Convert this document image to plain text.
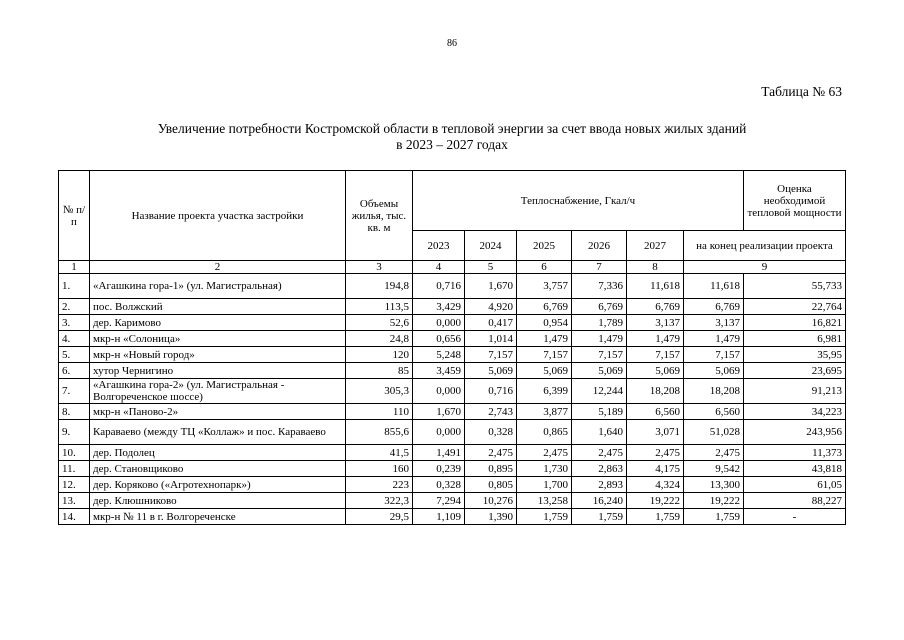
86
Таблица № 63
Увеличение потребности Костромской области в тепловой энергии за счет ввода новых жилых зданий
в 2023 – 2027 годах
№ п/п	Название проекта участка застройки	Объемы жилья, тыс. кв. м	Теплоснабжение, Гкал/ч						Оценка необходимой тепловой мощности
			2023	2024	2025	2026	2027	на конец реализации проекта	
1	2	3	4	5	6	7	8	9	
1.	«Агашкина гора-1» (ул. Магистральная)	194,8	0,716	1,670	3,757	7,336	11,618	11,618	55,733
2.	пос. Волжский	113,5	3,429	4,920	6,769	6,769	6,769	6,769	22,764
3.	дер. Каримово	52,6	0,000	0,417	0,954	1,789	3,137	3,137	16,821
4.	мкр-н «Солоница»	24,8	0,656	1,014	1,479	1,479	1,479	1,479	6,981
5.	мкр-н «Новый город»	120	5,248	7,157	7,157	7,157	7,157	7,157	35,95
6.	хутор Чернигино	85	3,459	5,069	5,069	5,069	5,069	5,069	23,695
7.	«Агашкина гора-2» (ул. Магистральная - Волгореченское шоссе)	305,3	0,000	0,716	6,399	12,244	18,208	18,208	91,213
8.	мкр-н «Паново-2»	110	1,670	2,743	3,877	5,189	6,560	6,560	34,223
9.	Караваево (между ТЦ «Коллаж» и пос. Караваево	855,6	0,000	0,328	0,865	1,640	3,071	51,028	243,956
10.	дер. Подолец	41,5	1,491	2,475	2,475	2,475	2,475	2,475	11,373
11.	дер. Становщиково	160	0,239	0,895	1,730	2,863	4,175	9,542	43,818
12.	дер. Коряково («Агротехнопарк»)	223	0,328	0,805	1,700	2,893	4,324	13,300	61,05
13.	дер. Клюшниково	322,3	7,294	10,276	13,258	16,240	19,222	19,222	88,227
14.	мкр-н № 11 в г. Волгореченске	29,5	1,109	1,390	1,759	1,759	1,759	1,759	-
